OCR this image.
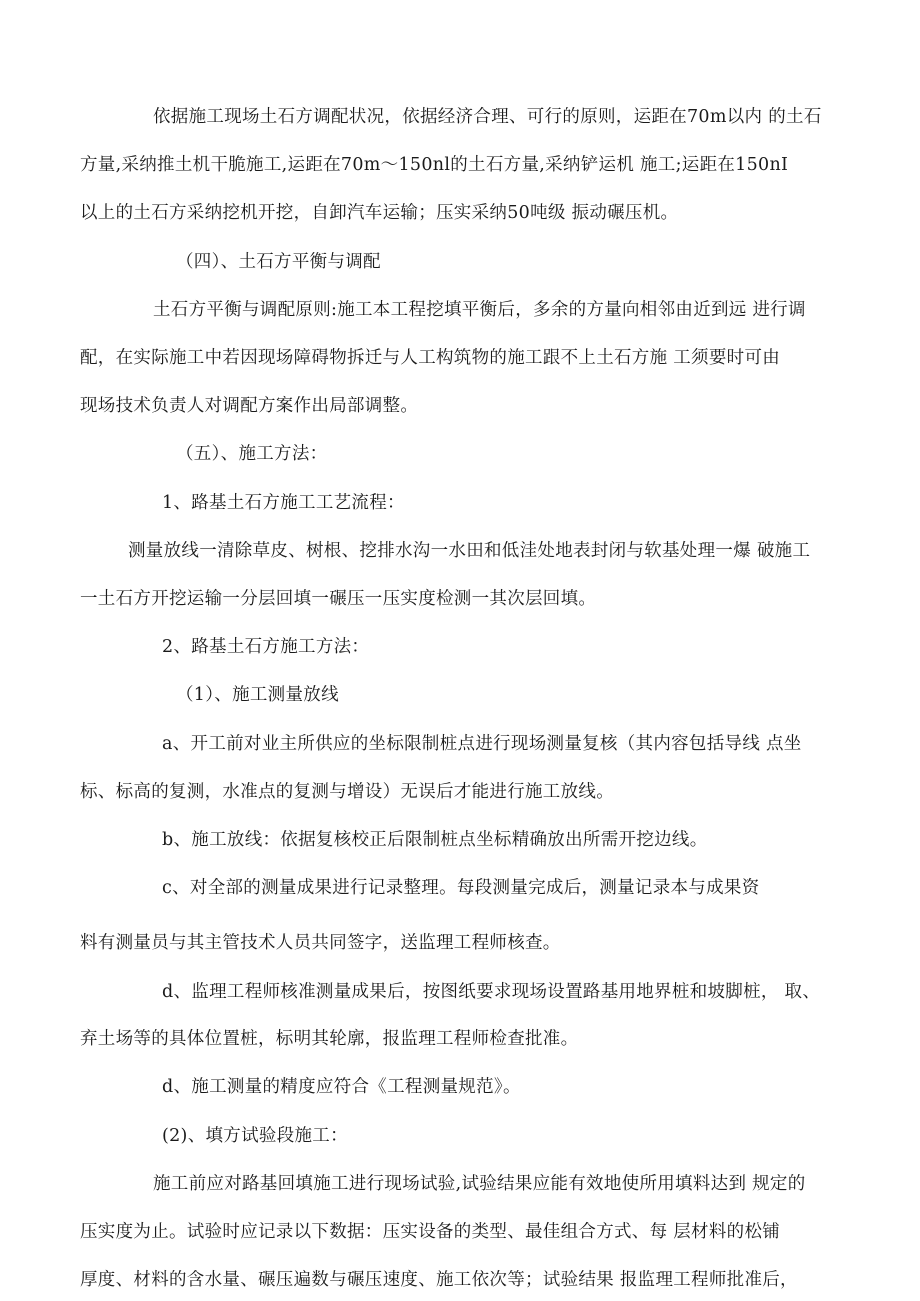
依据施工现场土石方调配状况，依据经济合理、可行的原则，运距在70m以内 的土石
方量,采纳推土机干脆施工,运距在70m～150nl的土石方量,采纳铲运机 施工;运距在150nI
以上的土石方采纳挖机开挖，自卸汽车运输；压实采纳50吨级 振动碾压机。
（四）、土石方平衡与调配
土石方平衡与调配原则:施工本工程挖填平衡后，多余的方量向相邻由近到远 进行调
配，在实际施工中若因现场障碍物拆迁与人工构筑物的施工跟不上土石方施 工须要时可由
现场技术负责人对调配方案作出局部调整。
（五）、施工方法：
1、路基土石方施工工艺流程：
测量放线一清除草皮、树根、挖排水沟一水田和低洼处地表封闭与软基处理一爆 破施工
一土石方开挖运输一分层回填一碾压一压实度检测一其次层回填。
2、路基土石方施工方法：
（1）、施工测量放线
a、开工前对业主所供应的坐标限制桩点进行现场测量复核（其内容包括导线 点坐
标、标高的复测，水准点的复测与增设）无误后才能进行施工放线。
b、施工放线：依据复核校正后限制桩点坐标精确放出所需开挖边线。
c、对全部的测量成果进行记录整理。每段测量完成后，测量记录本与成果资
料有测量员与其主管技术人员共同签字，送监理工程师核查。
d、监理工程师核准测量成果后，按图纸要求现场设置路基用地界桩和坡脚桩， 取、
弃土场等的具体位置桩，标明其轮廓，报监理工程师检查批准。
d、施工测量的精度应符合《工程测量规范》。
(2)、填方试验段施工：
施工前应对路基回填施工进行现场试验,试验结果应能有效地使所用填料达到 规定的
压实度为止。试验时应记录以下数据：压实设备的类型、最佳组合方式、每 层材料的松铺
厚度、材料的含水量、碾压遍数与碾压速度、施工依次等；试验结果 报监理工程师批准后，
